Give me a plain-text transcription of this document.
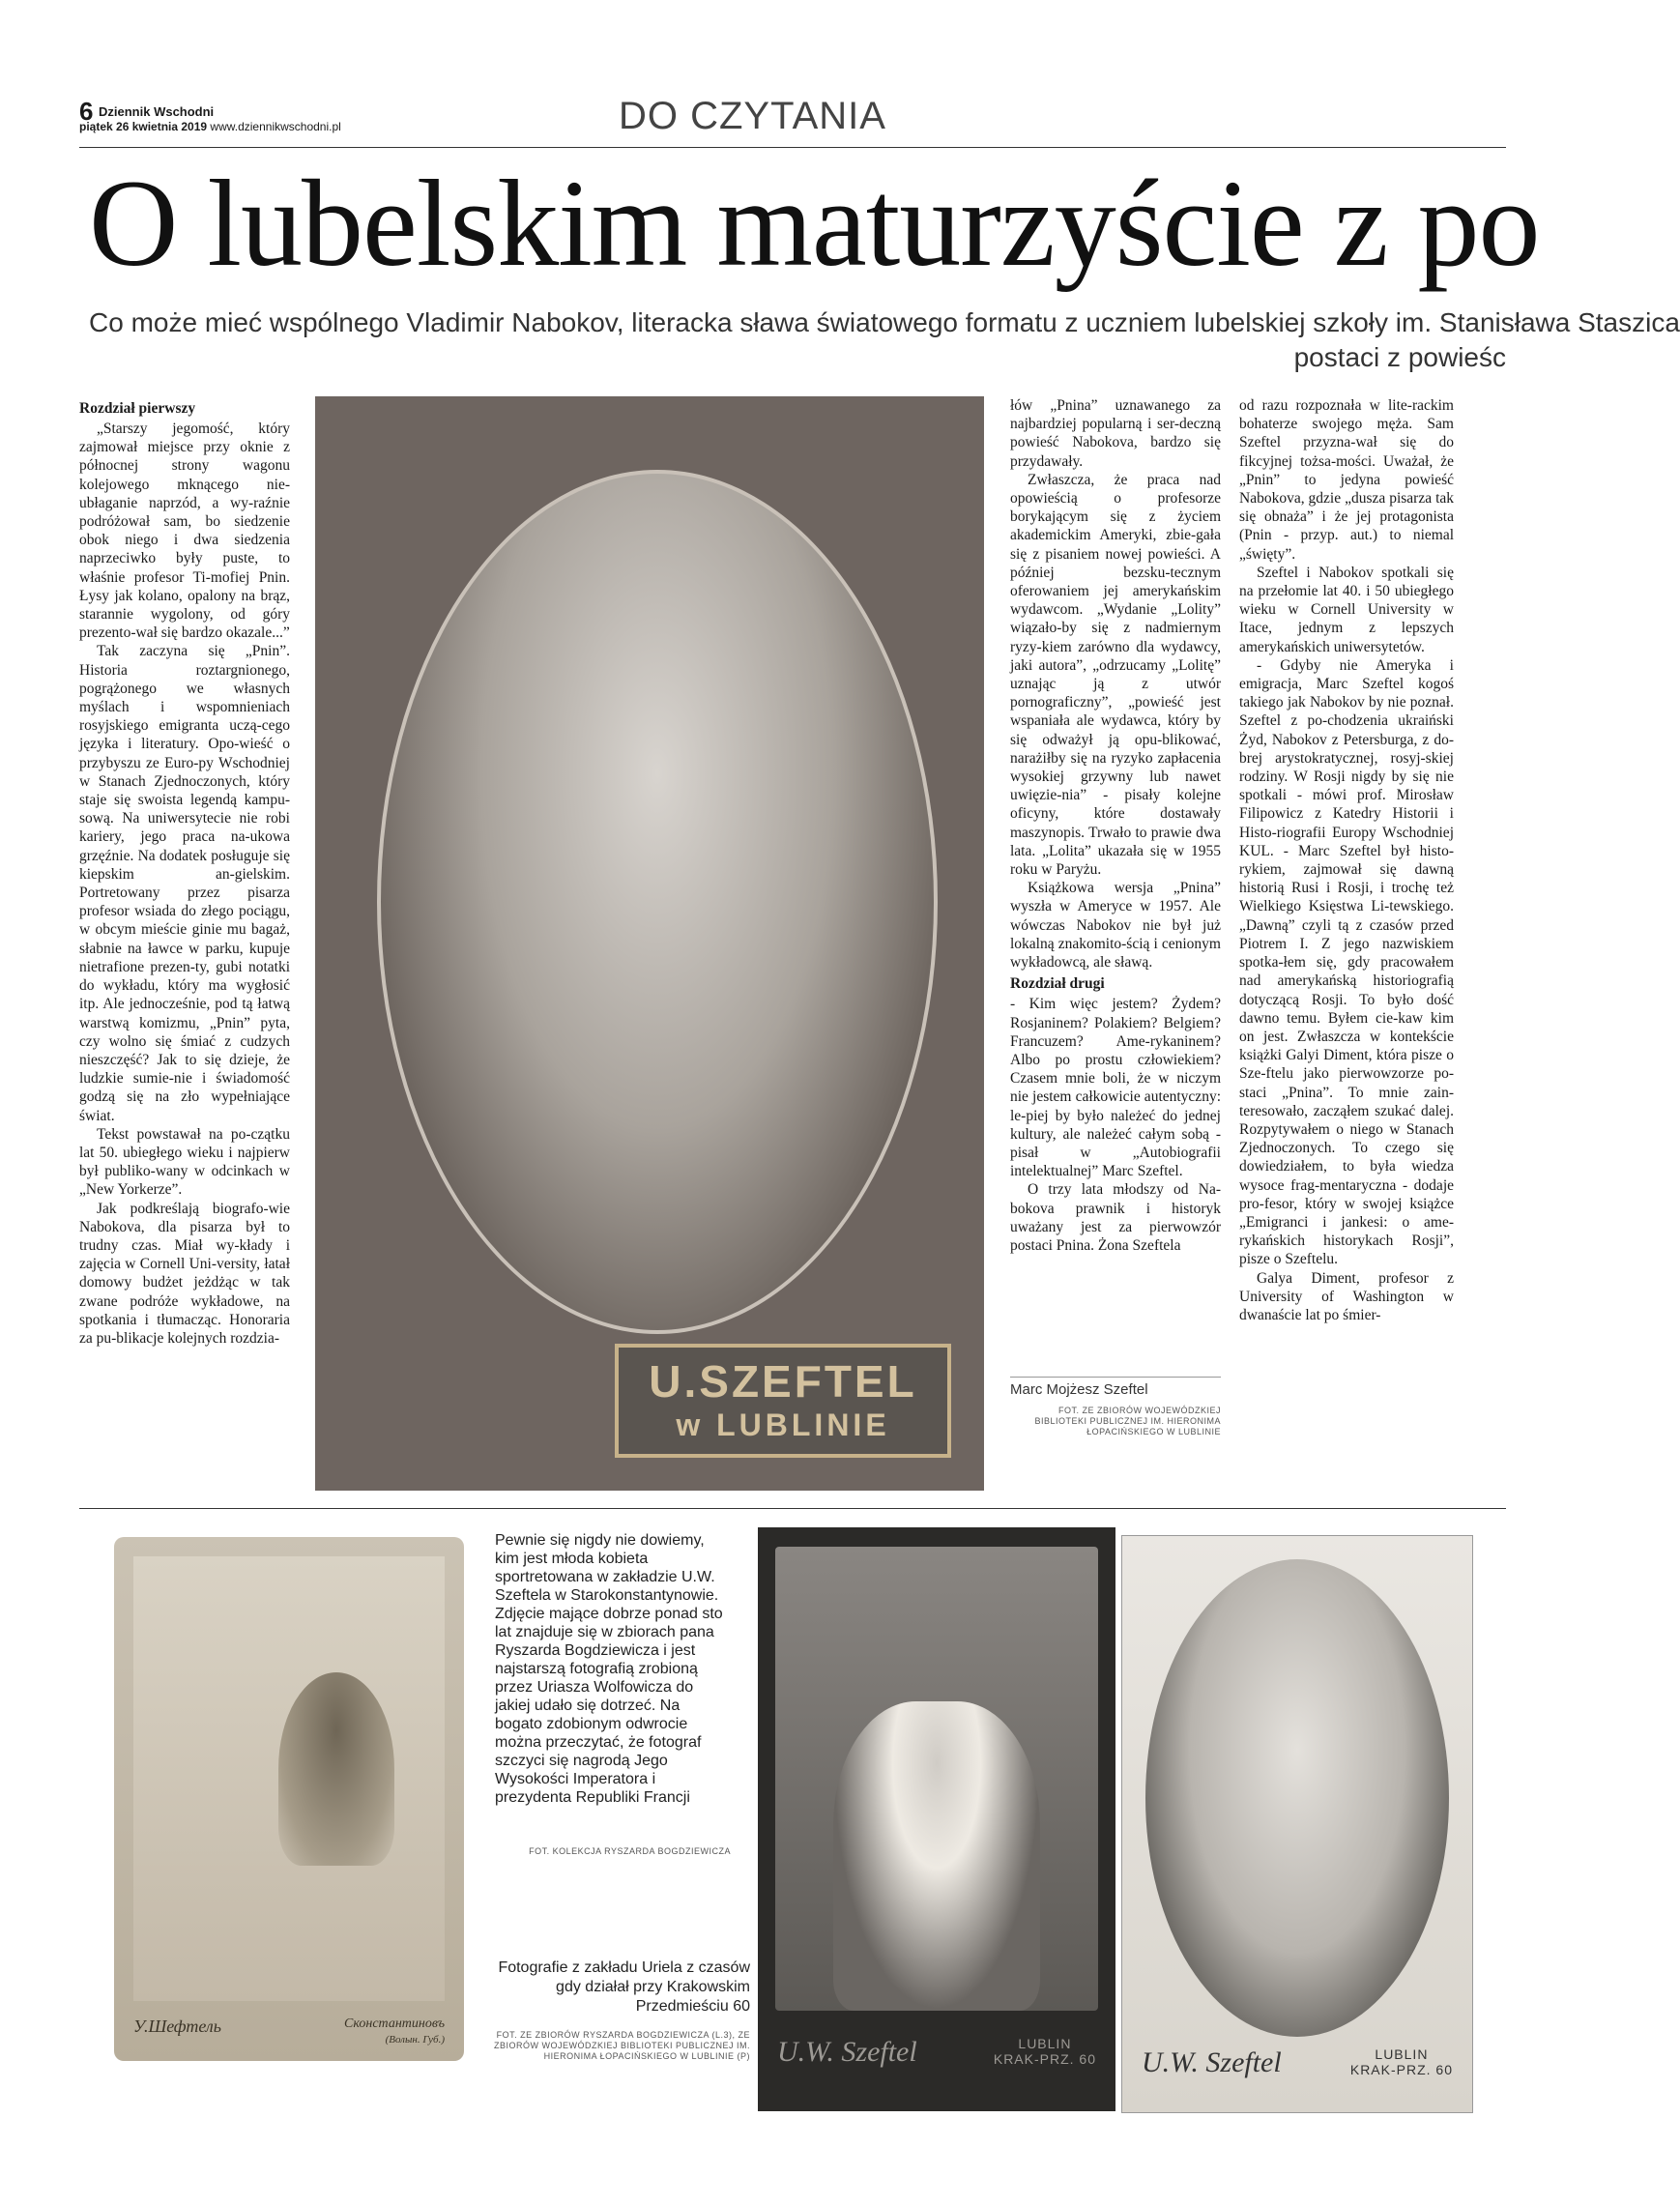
6 Dziennik Wschodni
piątek 26 kwietnia 2019 www.dziennikwschodni.pl	DO CZYTANIA
O lubelskim maturzyście z po

Co może mieć wspólnego Vladimir Nabokov, literacka sława światowego formatu z uczniem lubelskiej szkoły im. Stanisława Staszica

postaci z powieśc

Rozdział pierwszy

„Starszy jegomość, który zajmował miejsce przy oknie z północnej strony wagonu kolejowego mknącego nie-ubłaganie naprzód, a wy-raźnie podróżował sam, bo siedzenie obok niego i dwa siedzenia naprzeciwko były puste, to właśnie profesor Ti-mofiej Pnin. Łysy jak kolano, opalony na brąz, starannie wygolony, od góry prezento-wał się bardzo okazale...”

Tak zaczyna się „Pnin”. Historia roztargnionego, pogrążonego we własnych myślach i wspomnieniach rosyjskiego emigranta uczą-cego języka i literatury. Opo-wieść o przybyszu ze Euro-py Wschodniej w Stanach Zjednoczonych, który staje się swoista legendą kampu-sową. Na uniwersytecie nie robi kariery, jego praca na-ukowa grzęźnie. Na dodatek posługuje się kiepskim an-gielskim. Portretowany przez pisarza profesor wsiada do złego pociągu, w obcym mieście ginie mu bagaż, słabnie na ławce w parku, kupuje nietrafione prezen-ty, gubi notatki do wykładu, który ma wygłosić itp. Ale jednocześnie, pod tą łatwą warstwą komizmu, „Pnin” pyta, czy wolno się śmiać z cudzych nieszczęść? Jak to się dzieje, że ludzkie sumie-nie i świadomość godzą się na zło wypełniające świat.

Tekst powstawał na po-czątku lat 50. ubiegłego wieku i najpierw był publiko-wany w odcinkach w „New Yorkerze”.

Jak podkreślają biografo-wie Nabokova, dla pisarza był to trudny czas. Miał wy-kłady i zajęcia w Cornell Uni-versity, łatał domowy budżet jeżdżąc w tak zwane podróże wykładowe, na spotkania i tłumacząc. Honoraria za pu-blikacje kolejnych rozdzia-

U.SZEFTEL
w LUBLINIE

łów „Pnina” uznawanego za najbardziej popularną i ser-deczną powieść Nabokova, bardzo się przydawały.

Zwłaszcza, że praca nad opowieścią o profesorze borykającym się z życiem akademickim Ameryki, zbie-gała się z pisaniem nowej powieści. A później bezsku-tecznym oferowaniem jej amerykańskim wydawcom. „Wydanie „Lolity” wiązało-by się z nadmiernym ryzy-kiem zarówno dla wydawcy, jaki autora”, „odrzucamy „Lolitę” uznając ją z utwór pornograficzny”, „powieść jest wspaniała ale wydawca, który by się odważył ją opu-blikować, narażiłby się na ryzyko zapłacenia wysokiej grzywny lub nawet uwięzie-nia” - pisały kolejne oficyny, które dostawały maszynopis. Trwało to prawie dwa lata. „Lolita” ukazała się w 1955 roku w Paryżu.

Książkowa wersja „Pnina” wyszła w Ameryce w 1957. Ale wówczas Nabokov nie był już lokalną znakomito-ścią i cenionym wykładowcą, ale sławą.

Rozdział drugi

- Kim więc jestem? Żydem? Rosjaninem? Polakiem? Belgiem? Francuzem? Ame-rykaninem? Albo po prostu człowiekiem? Czasem mnie boli, że w niczym nie jestem całkowicie autentyczny: le-piej by było należeć do jednej kultury, ale należeć całym sobą - pisał w „Autobiografii intelektualnej” Marc Szeftel.

O trzy lata młodszy od Na-bokova prawnik i historyk uważany jest za pierwowzór postaci Pnina. Żona Szeftela

Marc Mojżesz Szeftel
FOT. ZE ZBIORÓW WOJEWÓDZKIEJ BIBLIOTEKI PUBLICZNEJ IM. HIERONIMA ŁOPACIŃSKIEGO W LUBLINIE

od razu rozpoznała w lite-rackim bohaterze swojego męża. Sam Szeftel przyzna-wał się do fikcyjnej tożsa-mości. Uważał, że „Pnin” to jedyna powieść Nabokova, gdzie „dusza pisarza tak się obnaża” i że jej protagonista (Pnin - przyp. aut.) to niemal „święty”.

Szeftel i Nabokov spotkali się na przełomie lat 40. i 50 ubiegłego wieku w Cornell University w Itace, jednym z lepszych amerykańskich uniwersytetów.

- Gdyby nie Ameryka i emigracja, Marc Szeftel kogoś takiego jak Nabokov by nie poznał. Szeftel z po-chodzenia ukraiński Żyd, Nabokov z Petersburga, z do-brej arystokratycznej, rosyj-skiej rodziny. W Rosji nigdy by się nie spotkali - mówi prof. Mirosław Filipowicz z Katedry Historii i Histo-riografii Europy Wschodniej KUL. - Marc Szeftel był histo-rykiem, zajmował się dawną historią Rusi i Rosji, i trochę też Wielkiego Księstwa Li-tewskiego. „Dawną” czyli tą z czasów przed Piotrem I. Z jego nazwiskiem spotka-łem się, gdy pracowałem nad amerykańską historiografią dotyczącą Rosji. To było dość dawno temu. Byłem cie-kaw kim on jest. Zwłaszcza w kontekście książki Galyi Diment, która pisze o Sze-ftelu jako pierwowzorze po-staci „Pnina”. To mnie zain-teresowało, zacząłem szukać dalej. Rozpytywałem o niego w Stanach Zjednoczonych. To czego się dowiedziałem, to była wiedza wysoce frag-mentaryczna - dodaje pro-fesor, który w swojej książce „Emigranci i jankesi: o ame-rykańskich historykach Rosji”, pisze o Szeftelu.

Galya Diment, profesor z University of Washington w dwanaście lat po śmier-

У.Шефтель	Сконстантиновъ
(Волын. Губ.)
Pewnie się nigdy nie dowiemy, kim jest młoda kobieta sportretowana w zakładzie U.W. Szeftela w Starokonstantynowie. Zdjęcie mające dobrze ponad sto lat znajduje się w zbiorach pana Ryszarda Bogdziewicza i jest najstarszą fotografią zrobioną przez Uriasza Wolfowicza do jakiej udało się dotrzeć. Na bogato zdobionym odwrocie można przeczytać, że fotograf szczyci się nagrodą Jego Wysokości Imperatora i prezydenta Republiki Francji
FOT. KOLEKCJA RYSZARDA BOGDZIEWICZA
Fotografie z zakładu Uriela z czasów gdy działał przy Krakowskim Przedmieściu 60
FOT. ZE ZBIORÓW RYSZARDA BOGDZIEWICZA (L.3), ZE ZBIORÓW WOJEWÓDZKIEJ BIBLIOTEKI PUBLICZNEJ IM. HIERONIMA ŁOPACIŃSKIEGO W LUBLINIE (P) U.W. Szeftel	LUBLIN
KRAK-PRZ. 60 U.W. Szeftel	LUBLIN
KRAK-PRZ. 60
